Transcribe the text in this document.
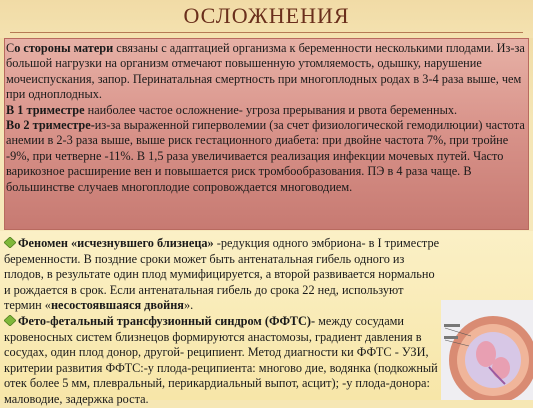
ОСЛОЖНЕНИЯ

Со стороны матери связаны с адаптацией организма к беременности несколькими плодами. Из-за большой нагрузки на организм отмечают повышенную утомляемость, одышку, нарушение мочеиспускания, запор. Перинатальная смертность при многоплодных родах в 3-4 раза выше, чем при одноплодных.

В 1 триместре наиболее частое осложнение- угроза прерывания и рвота беременных.

Во 2 триместре-из-за выраженной гиперволемии (за счет физиологической гемодилюции) частота анемии в 2-3 раза выше, выше риск гестационного диабета: при двойне частота 7%, при тройне -9%, при четверне -11%. В 1,5 раза увеличивается реализация инфекции мочевых путей. Часто варикозное расширение вен и повышается риск тромбообразования. ПЭ в 4 раза чаще. В большинстве случаев многоплодие сопровождается многоводием.

Феномен «исчезнувшего близнеца» -редукция одного эмбриона- в I триместре беременности. В поздние сроки может быть антенатальная гибель одного из плодов, в результате один плод мумифицируется, а второй развивается нормально и рождается в срок. Если антенатальная гибель до срока 22 нед, используют термин «несостоявшаяся двойня».

Фето-фетальный трансфузионный синдром (ФФТС)- между сосудами кровеносных систем близнецов формируются анастомозы, градиент давления в сосудах, один плод донор, другой- реципиент. Метод диагности ки ФФТС - УЗИ, критерии развития ФФТС:-у плода-реципиента: многово дие, водянка (подкожный отек более 5 мм, плевральный, перикардиальный выпот, асцит); -у плода-донора: маловодие, задержка роста.
